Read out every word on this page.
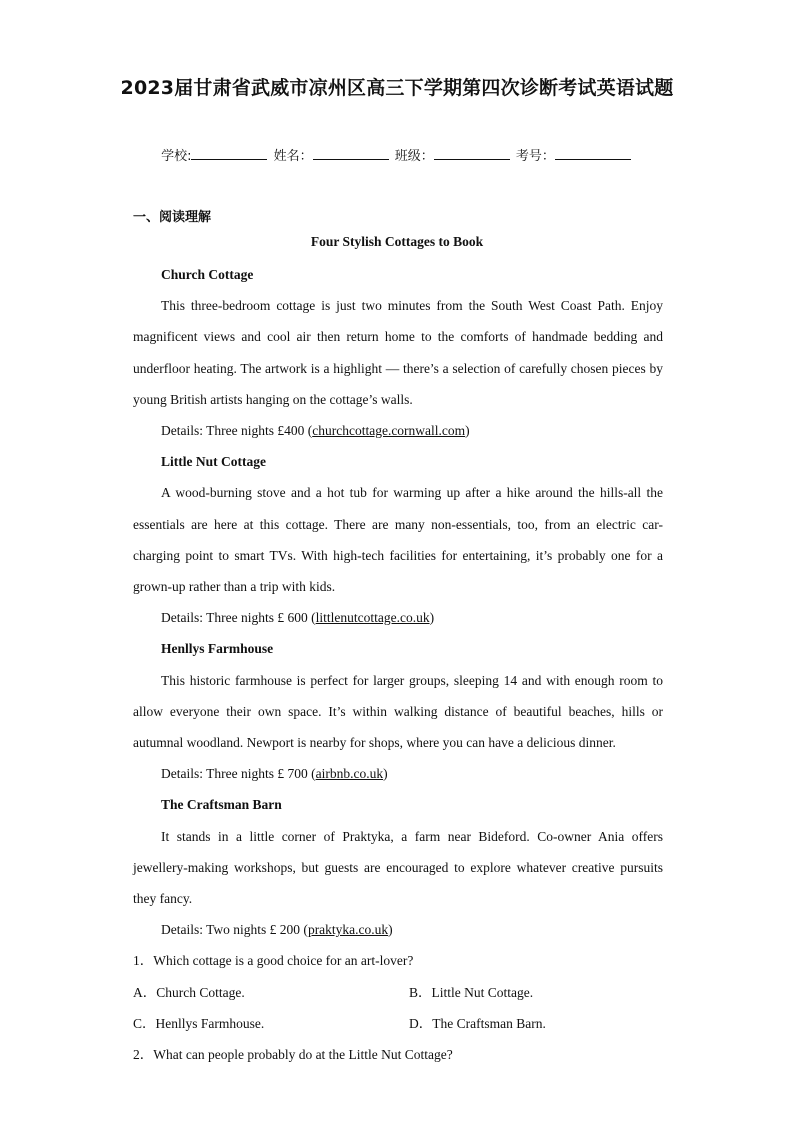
2023届甘肃省武威市凉州区高三下学期第四次诊断考试英语试题
学校:	姓名：	班级：	考号：
一、阅读理解
Four Stylish Cottages to Book

Church Cottage

This three-bedroom cottage is just two minutes from the South West Coast Path. Enjoy magnificent views and cool air then return home to the comforts of handmade bedding and underfloor heating. The artwork is a highlight — there’s a selection of carefully chosen pieces by young British artists hanging on the cottage’s walls.

Details: Three nights £400 (churchcottage.cornwall.com)

Little Nut Cottage

A wood-burning stove and a hot tub for warming up after a hike around the hills-all the essentials are here at this cottage. There are many non-essentials, too, from an electric car-charging point to smart TVs. With high-tech facilities for entertaining, it’s probably one for a grown-up rather than a trip with kids.

Details: Three nights £ 600 (littlenutcottage.co.uk)

Henllys Farmhouse

This historic farmhouse is perfect for larger groups, sleeping 14 and with enough room to allow everyone their own space. It’s within walking distance of beautiful beaches, hills or autumnal woodland. Newport is nearby for shops, where you can have a delicious dinner.

Details: Three nights £ 700 (airbnb.co.uk)

The Craftsman Barn

It stands in a little corner of Praktyka, a farm near Bideford. Co-owner Ania offers jewellery-making workshops, but guests are encouraged to explore whatever creative pursuits they fancy.

Details: Two nights £ 200 (praktyka.co.uk)

1．Which cottage is a good choice for an art-lover?

A．Church Cottage.	B．Little Nut Cottage.
C．Henllys Farmhouse.	D．The Craftsman Barn.

2．What can people probably do at the Little Nut Cottage?
